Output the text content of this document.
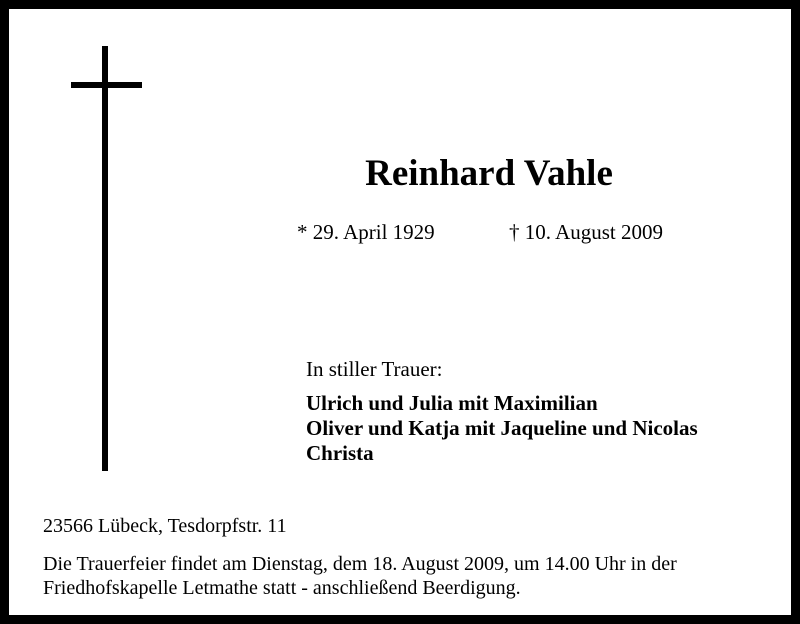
Reinhard Vahle
* 29. April 1929	† 10. August 2009
In stiller Trauer:
Ulrich und Julia mit Maximilian
Oliver und Katja mit Jaqueline und Nicolas
Christa
23566 Lübeck, Tesdorpfstr. 11
Die Trauerfeier findet am Dienstag, dem 18. August 2009, um 14.00 Uhr in der
Friedhofskapelle Letmathe statt - anschließend Beerdigung.
